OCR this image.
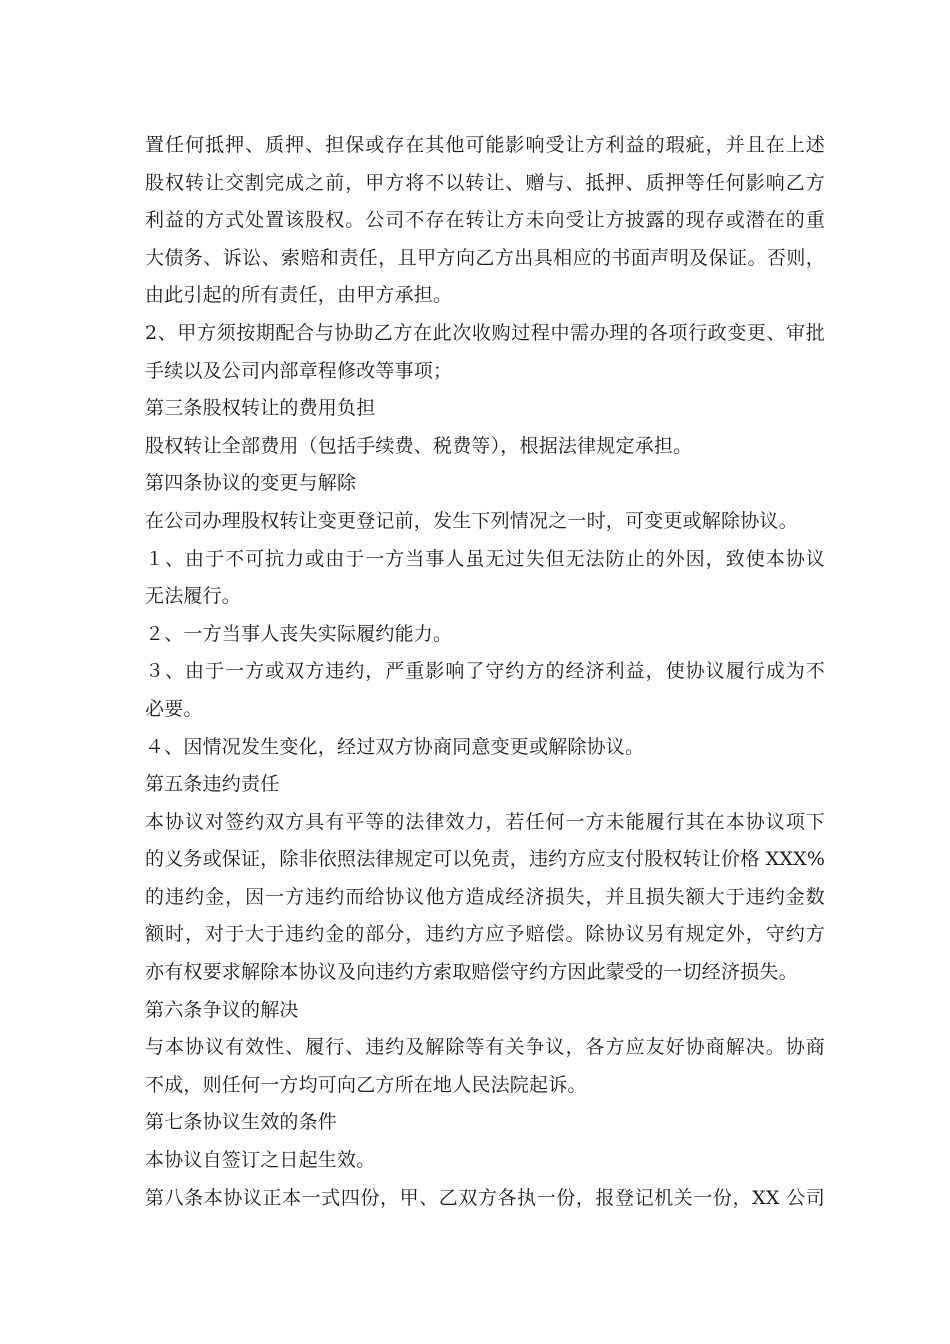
置任何抵押、质押、担保或存在其他可能影响受让方利益的瑕疵，并且在上述
股权转让交割完成之前，甲方将不以转让、赠与、抵押、质押等任何影响乙方
利益的方式处置该股权。公司不存在转让方未向受让方披露的现存或潜在的重
大债务、诉讼、索赔和责任，且甲方向乙方出具相应的书面声明及保证。否则，
由此引起的所有责任，由甲方承担。
2、甲方须按期配合与协助乙方在此次收购过程中需办理的各项行政变更、审批
手续以及公司内部章程修改等事项；
第三条股权转让的费用负担
股权转让全部费用（包括手续费、税费等），根据法律规定承担。
第四条协议的变更与解除
在公司办理股权转让变更登记前，发生下列情况之一时，可变更或解除协议。
１、由于不可抗力或由于一方当事人虽无过失但无法防止的外因，致使本协议
无法履行。
２、一方当事人丧失实际履约能力。
３、由于一方或双方违约，严重影响了守约方的经济利益，使协议履行成为不
必要。
４、因情况发生变化，经过双方协商同意变更或解除协议。
第五条违约责任
本协议对签约双方具有平等的法律效力，若任何一方未能履行其在本协议项下
的义务或保证，除非依照法律规定可以免责，违约方应支付股权转让价格 XXX%
的违约金，因一方违约而给协议他方造成经济损失，并且损失额大于违约金数
额时，对于大于违约金的部分，违约方应予赔偿。除协议另有规定外，守约方
亦有权要求解除本协议及向违约方索取赔偿守约方因此蒙受的一切经济损失。
第六条争议的解决
与本协议有效性、履行、违约及解除等有关争议，各方应友好协商解决。协商
不成，则任何一方均可向乙方所在地人民法院起诉。
第七条协议生效的条件
本协议自签订之日起生效。
第八条本协议正本一式四份，甲、乙双方各执一份，报登记机关一份，XX 公司
